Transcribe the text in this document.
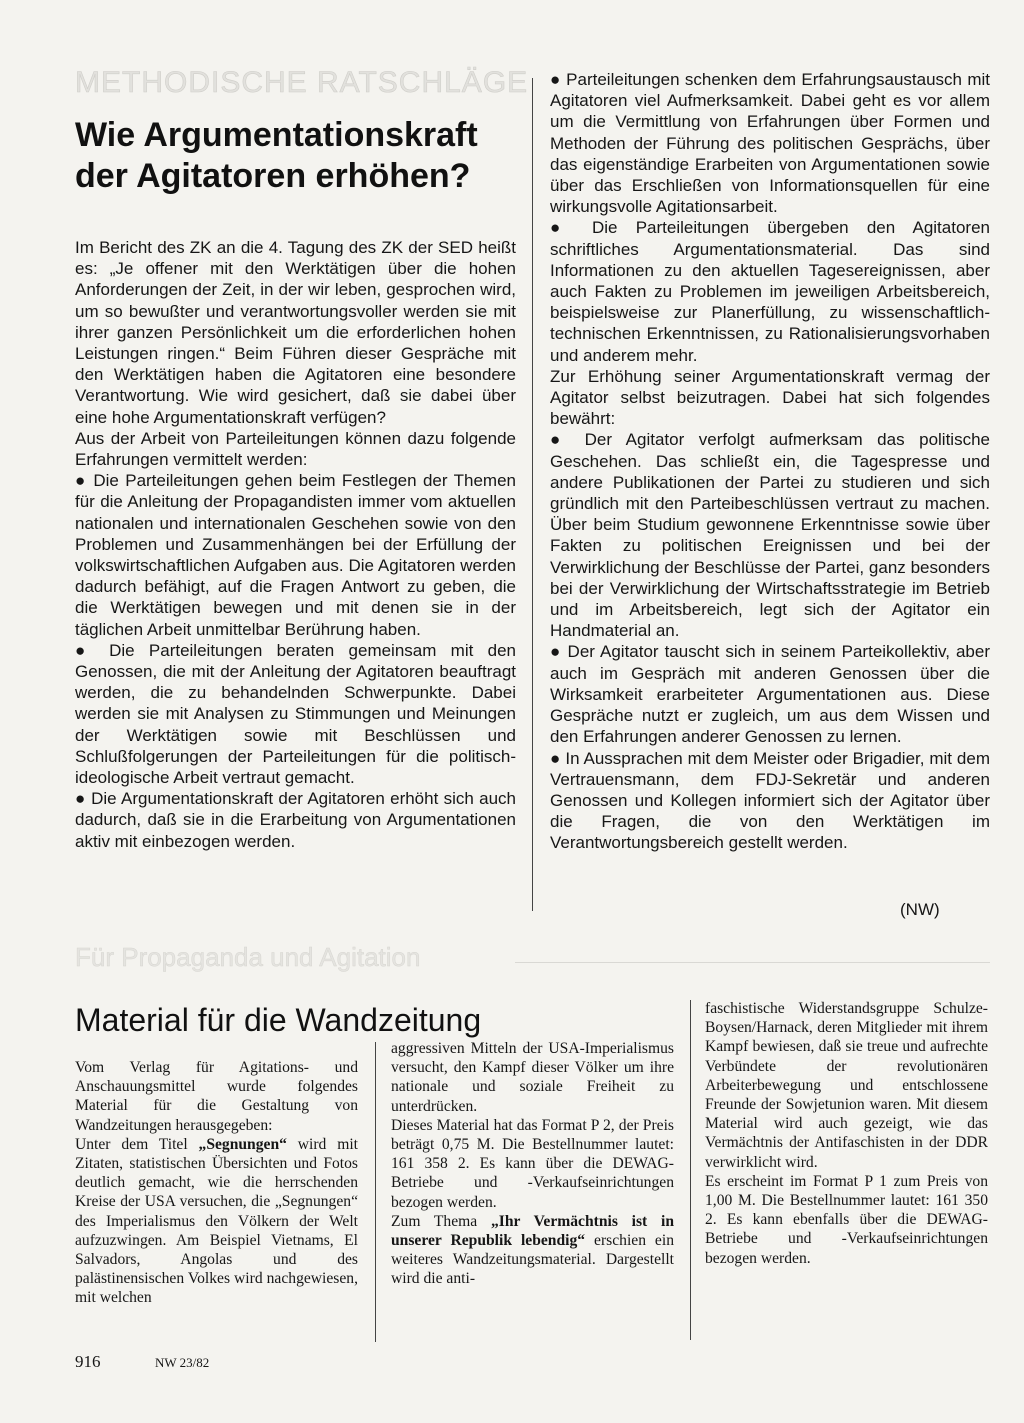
METHODISCHE RATSCHLÄGE
Wie Argumentationskraft der Agitatoren erhöhen?

Im Bericht des ZK an die 4. Tagung des ZK der SED heißt es: „Je offener mit den Werktätigen über die hohen Anforderungen der Zeit, in der wir leben, gesprochen wird, um so bewußter und verantwortungsvoller werden sie mit ihrer ganzen Persönlichkeit um die erforderlichen hohen Leistungen ringen.“ Beim Führen dieser Gespräche mit den Werktätigen haben die Agitatoren eine besondere Verantwortung. Wie wird gesichert, daß sie dabei über eine hohe Argumentationskraft verfügen?

Aus der Arbeit von Parteileitungen können dazu folgende Erfahrungen vermittelt werden:

● Die Parteileitungen gehen beim Festlegen der Themen für die Anleitung der Propagandisten immer vom aktuellen nationalen und internationalen Geschehen sowie von den Problemen und Zusammenhängen bei der Erfüllung der volkswirtschaftlichen Aufgaben aus. Die Agitatoren werden dadurch befähigt, auf die Fragen Antwort zu geben, die die Werktätigen bewegen und mit denen sie in der täglichen Arbeit unmittelbar Berührung haben.

● Die Parteileitungen beraten gemeinsam mit den Genossen, die mit der Anleitung der Agitatoren beauftragt werden, die zu behandelnden Schwerpunkte. Dabei werden sie mit Analysen zu Stimmungen und Meinungen der Werktätigen sowie mit Beschlüssen und Schlußfolgerungen der Parteileitungen für die politisch-ideologische Arbeit vertraut gemacht.

● Die Argumentationskraft der Agitatoren erhöht sich auch dadurch, daß sie in die Erarbeitung von Argumentationen aktiv mit einbezogen werden.

● Parteileitungen schenken dem Erfahrungsaustausch mit Agitatoren viel Aufmerksamkeit. Dabei geht es vor allem um die Vermittlung von Erfahrungen über Formen und Methoden der Führung des politischen Gesprächs, über das eigenständige Erarbeiten von Argumentationen sowie über das Erschließen von Informationsquellen für eine wirkungsvolle Agitationsarbeit.

● Die Parteileitungen übergeben den Agitatoren schriftliches Argumentationsmaterial. Das sind Informationen zu den aktuellen Tagesereignissen, aber auch Fakten zu Problemen im jeweiligen Arbeitsbereich, beispielsweise zur Planerfüllung, zu wissenschaftlich-technischen Erkenntnissen, zu Rationalisierungsvorhaben und anderem mehr.

Zur Erhöhung seiner Argumentationskraft vermag der Agitator selbst beizutragen. Dabei hat sich folgendes bewährt:

● Der Agitator verfolgt aufmerksam das politische Geschehen. Das schließt ein, die Tagespresse und andere Publikationen der Partei zu studieren und sich gründlich mit den Parteibeschlüssen vertraut zu machen. Über beim Studium gewonnene Erkenntnisse sowie über Fakten zu politischen Ereignissen und bei der Verwirklichung der Beschlüsse der Partei, ganz besonders bei der Verwirklichung der Wirtschaftsstrategie im Betrieb und im Arbeitsbereich, legt sich der Agitator ein Handmaterial an.

● Der Agitator tauscht sich in seinem Parteikollektiv, aber auch im Gespräch mit anderen Genossen über die Wirksamkeit erarbeiteter Argumentationen aus. Diese Gespräche nutzt er zugleich, um aus dem Wissen und den Erfahrungen anderer Genossen zu lernen.

● In Aussprachen mit dem Meister oder Brigadier, mit dem Vertrauensmann, dem FDJ-Sekretär und anderen Genossen und Kollegen informiert sich der Agitator über die Fragen, die von den Werktätigen im Verantwortungsbereich gestellt werden.

(NW)
Für Propaganda und Agitation
Material für die Wandzeitung

Vom Verlag für Agitations- und Anschauungsmittel wurde folgendes Material für die Gestaltung von Wandzeitungen herausgegeben:

Unter dem Titel „Segnungen“ wird mit Zitaten, statistischen Übersichten und Fotos deutlich gemacht, wie die herrschenden Kreise der USA versuchen, die „Segnungen“ des Imperialismus den Völkern der Welt aufzuzwingen. Am Beispiel Vietnams, El Salvadors, Angolas und des palästinensischen Volkes wird nachgewiesen, mit welchen

aggressiven Mitteln der USA-Imperialismus versucht, den Kampf dieser Völker um ihre nationale und soziale Freiheit zu unterdrücken.

Dieses Material hat das Format P 2, der Preis beträgt 0,75 M. Die Bestellnummer lautet: 161 358 2. Es kann über die DEWAG-Betriebe und -Verkaufseinrichtungen bezogen werden.

Zum Thema „Ihr Vermächtnis ist in unserer Republik lebendig“ erschien ein weiteres Wandzeitungsmaterial. Dargestellt wird die anti-

faschistische Widerstandsgruppe Schulze-Boysen/Harnack, deren Mitglieder mit ihrem Kampf bewiesen, daß sie treue und aufrechte Verbündete der revolutionären Arbeiterbewegung und entschlossene Freunde der Sowjetunion waren. Mit diesem Material wird auch gezeigt, wie das Vermächtnis der Antifaschisten in der DDR verwirklicht wird.

Es erscheint im Format P 1 zum Preis von 1,00 M. Die Bestellnummer lautet: 161 350 2. Es kann ebenfalls über die DEWAG-Betriebe und -Verkaufseinrichtungen bezogen werden.

916	NW 23/82
